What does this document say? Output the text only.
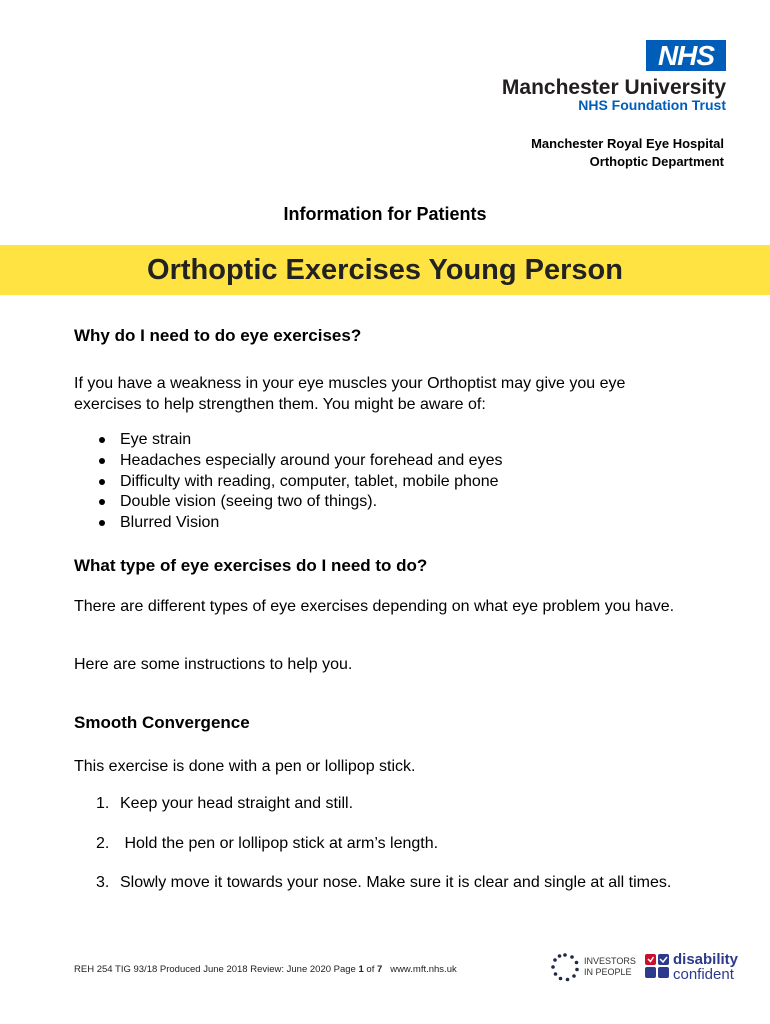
NHS
Manchester University
NHS Foundation Trust
Manchester Royal Eye Hospital
Orthoptic Department
Information for Patients
Orthoptic Exercises Young Person
Why do I need to do eye exercises?
If you have a weakness in your eye muscles your Orthoptist may give you eye exercises to help strengthen them. You might be aware of:
Eye strain
Headaches especially around your forehead and eyes
Difficulty with reading, computer, tablet, mobile phone
Double vision (seeing two of things).
Blurred Vision
What type of eye exercises do I need to do?
There are different types of eye exercises depending on what eye problem you have.
Here are some instructions to help you.
Smooth Convergence
This exercise is done with a pen or lollipop stick.
1. Keep your head straight and still.
2. Hold the pen or lollipop stick at arm’s length.
3. Slowly move it towards your nose. Make sure it is clear and single at all times.
REH 254 TIG 93/18 Produced June 2018 Review: June 2020 Page 1 of 7   www.mft.nhs.uk
INVESTORS
IN PEOPLE
disability
confident
